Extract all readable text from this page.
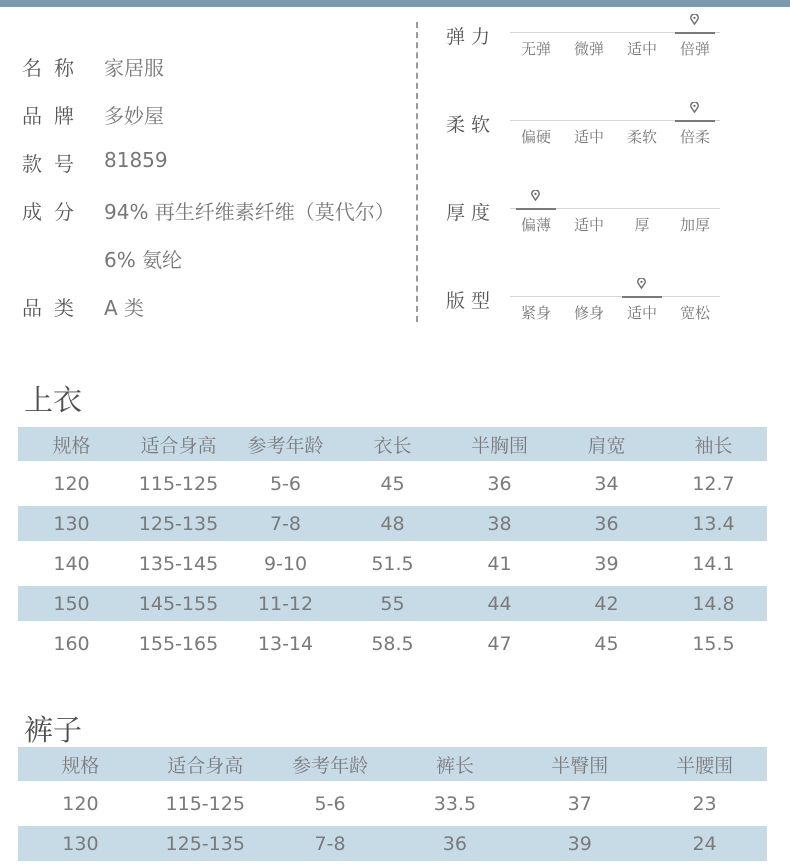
名称 家居服
品牌 多妙屋
款号 81859
成分 94% 再生纤维素纤维（莫代尔）
6% 氨纶
品类 A 类
弹力
无弹	微弹	适中	倍弹
柔软
偏硬	适中	柔软	倍柔
厚度
偏薄	适中	厚	加厚
版型
紧身	修身	适中	宽松
上衣
规格	适合身高	参考年龄	衣长	半胸围	肩宽	袖长
120	115-125	5-6	45	36	34	12.7
130	125-135	7-8	48	38	36	13.4
140	135-145	9-10	51.5	41	39	14.1
150	145-155	11-12	55	44	42	14.8
160	155-165	13-14	58.5	47	45	15.5
裤子
规格	适合身高	参考年龄	裤长	半臀围	半腰围
120	115-125	5-6	33.5	37	23
130	125-135	7-8	36	39	24
